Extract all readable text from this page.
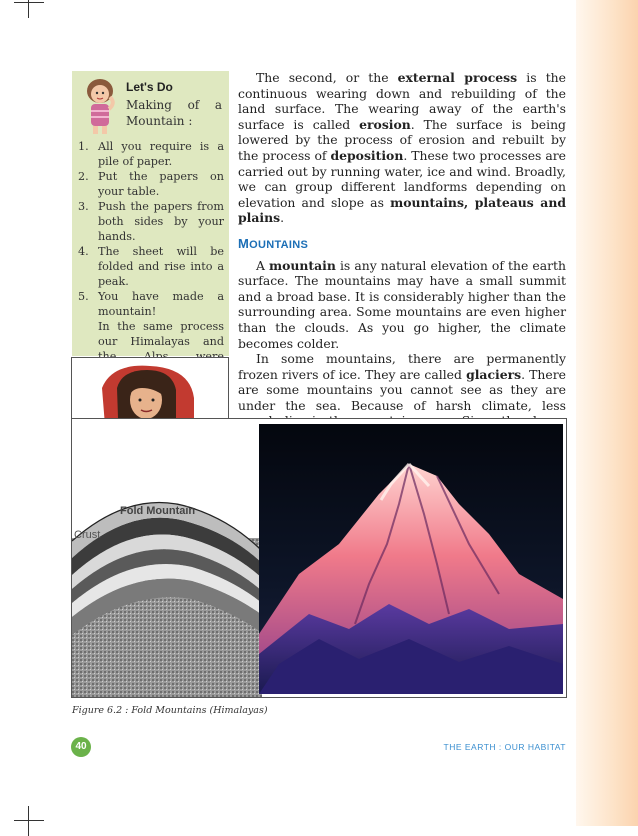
Let's Do
Making of a
Mountain :
1. All you require is a pile of paper.
2. Put the papers on your table.
3. Push the papers from both sides by your hands.
4. The sheet will be folded and rise into a peak.
5. You have made a mountain!
In the same process our Himalayas and

The second, or the external process is the continuous wearing down and rebuilding of the land surface. The wearing away of the earth's surface is called erosion. The surface is being lowered by the process of erosion and rebuilt by the process of deposition. These two processes are carried out by running water, ice and wind. Broadly, we can group different landforms depending on elevation and slope as mountains, plateaus and plains.

MOUNTAINS

A mountain is any natural elevation of the earth surface. The mountains may have a small summit and a broad base. It is considerably higher than the surrounding area. Some mountains are even higher than the clouds. As you go higher, the climate becomes colder.

In some mountains, there are permanently frozen rivers of ice. They are called glaciers. There are some mountains you cannot see as they are under the sea. Because of harsh climate, less

Fold Mountain
Crust
Figure 6.2 : Fold Mountains (Himalayas)
40	THE EARTH : OUR HABITAT
